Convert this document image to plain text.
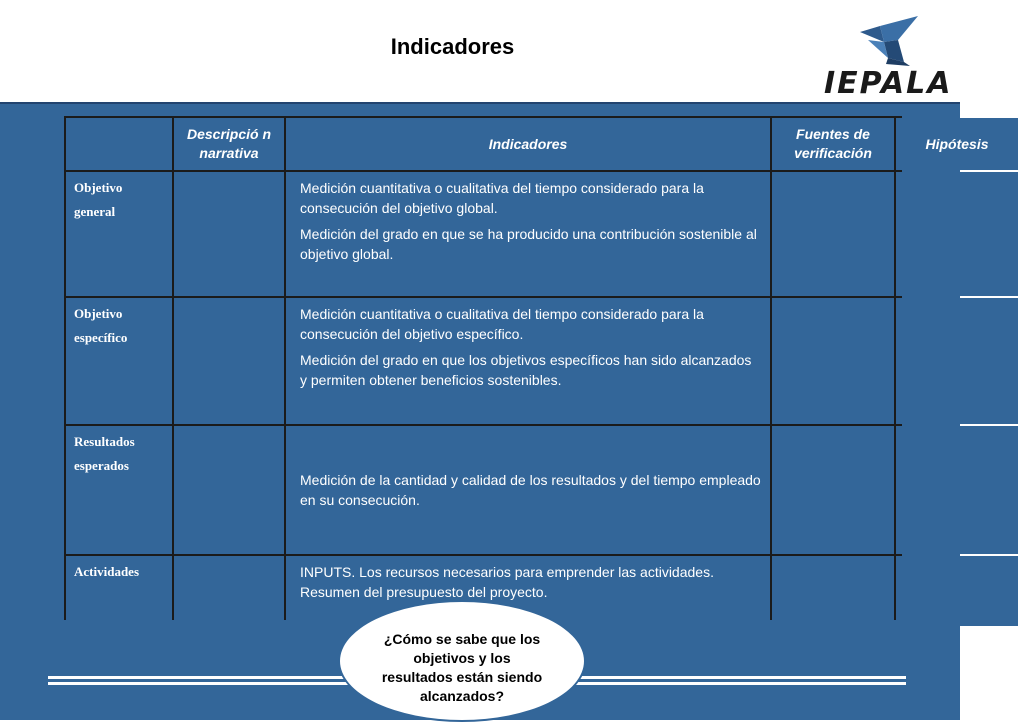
Indicadores
IEPALA
Descripció n narrativa
Indicadores
Fuentes de verificación
Hipótesis
Objetivo general

Medición cuantitativa o cualitativa del tiempo considerado para la consecución del objetivo global.

Medición del grado en que se ha producido una contribución sostenible al objetivo global.

Objetivo específico

Medición cuantitativa o cualitativa del tiempo considerado para la consecución del objetivo específico.

Medición del grado en que los objetivos específicos han sido alcanzados y permiten obtener beneficios sostenibles.

Resultados esperados

Medición de la cantidad y calidad de los resultados y del tiempo empleado en su consecución.

Actividades	INPUTS. Los recursos necesarios para emprender las actividades. Resumen del presupuesto del proyecto.

¿Cómo se sabe que los objetivos y los resultados están siendo alcanzados?
